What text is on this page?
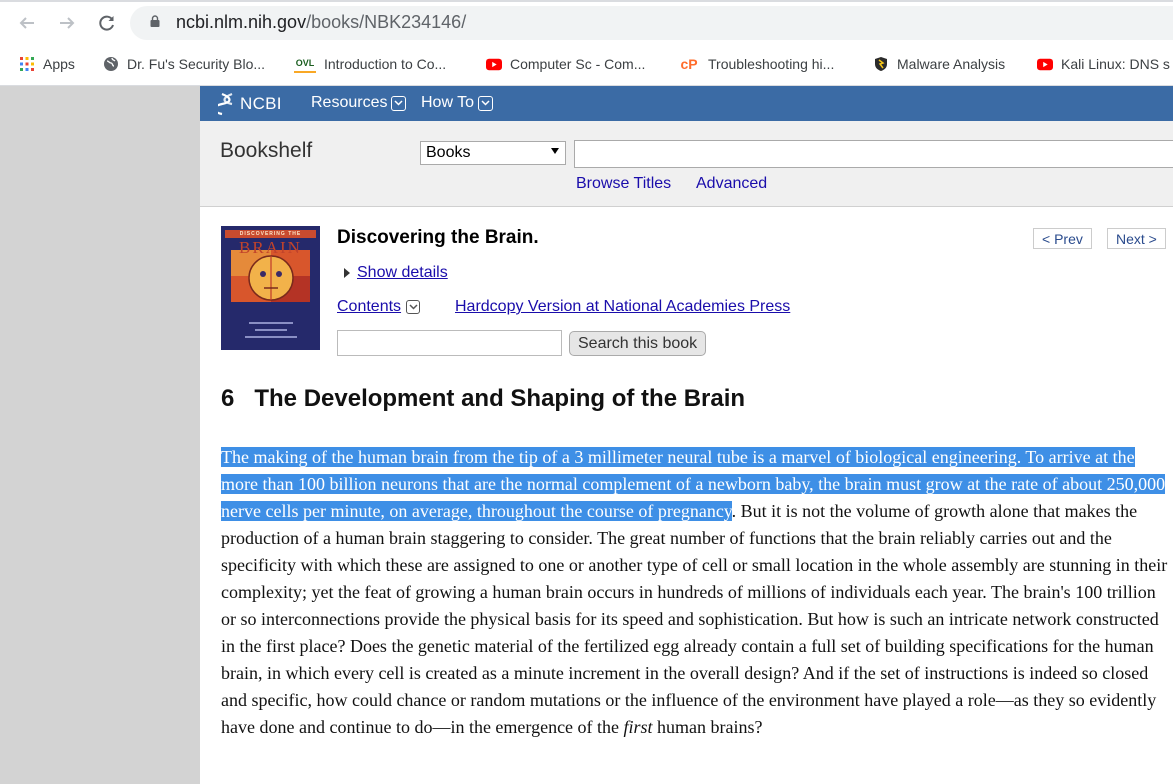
ncbi.nlm.nih.gov/books/NBK234146/
Apps	Dr. Fu's Security Blo...	OVL Introduction to Co...	Computer Sc - Com...	cP Troubleshooting hi...	Malware Analysis	Kali Linux: DNS s
NCBI Resources How To
Bookshelf	Books
Browse Titles Advanced
DISCOVERING THE
BRAIN	Discovering the Brain.	< Prev	Next >
Show details
Contents	Hardcopy Version at National Academies Press
Search this book
6 The Development and Shaping of the Brain
The making of the human brain from the tip of a 3 millimeter neural tube is a marvel of biological engineering. To arrive at the more than 100 billion neurons that are the normal complement of a newborn baby, the brain must grow at the rate of about 250,000 nerve cells per minute, on average, throughout the course of pregnancy. But it is not the volume of growth alone that makes the production of a human brain staggering to consider. The great number of functions that the brain reliably carries out and the specificity with which these are assigned to one or another type of cell or small location in the whole assembly are stunning in their complexity; yet the feat of growing a human brain occurs in hundreds of millions of individuals each year. The brain's 100 trillion or so interconnections provide the physical basis for its speed and sophistication. But how is such an intricate network constructed in the first place? Does the genetic material of the fertilized egg already contain a full set of building specifications for the human brain, in which every cell is created as a minute increment in the overall design? And if the set of instructions is indeed so closed and specific, how could chance or random mutations or the influence of the environment have played a role—as they so evidently have done and continue to do—in the emergence of the first human brains?
